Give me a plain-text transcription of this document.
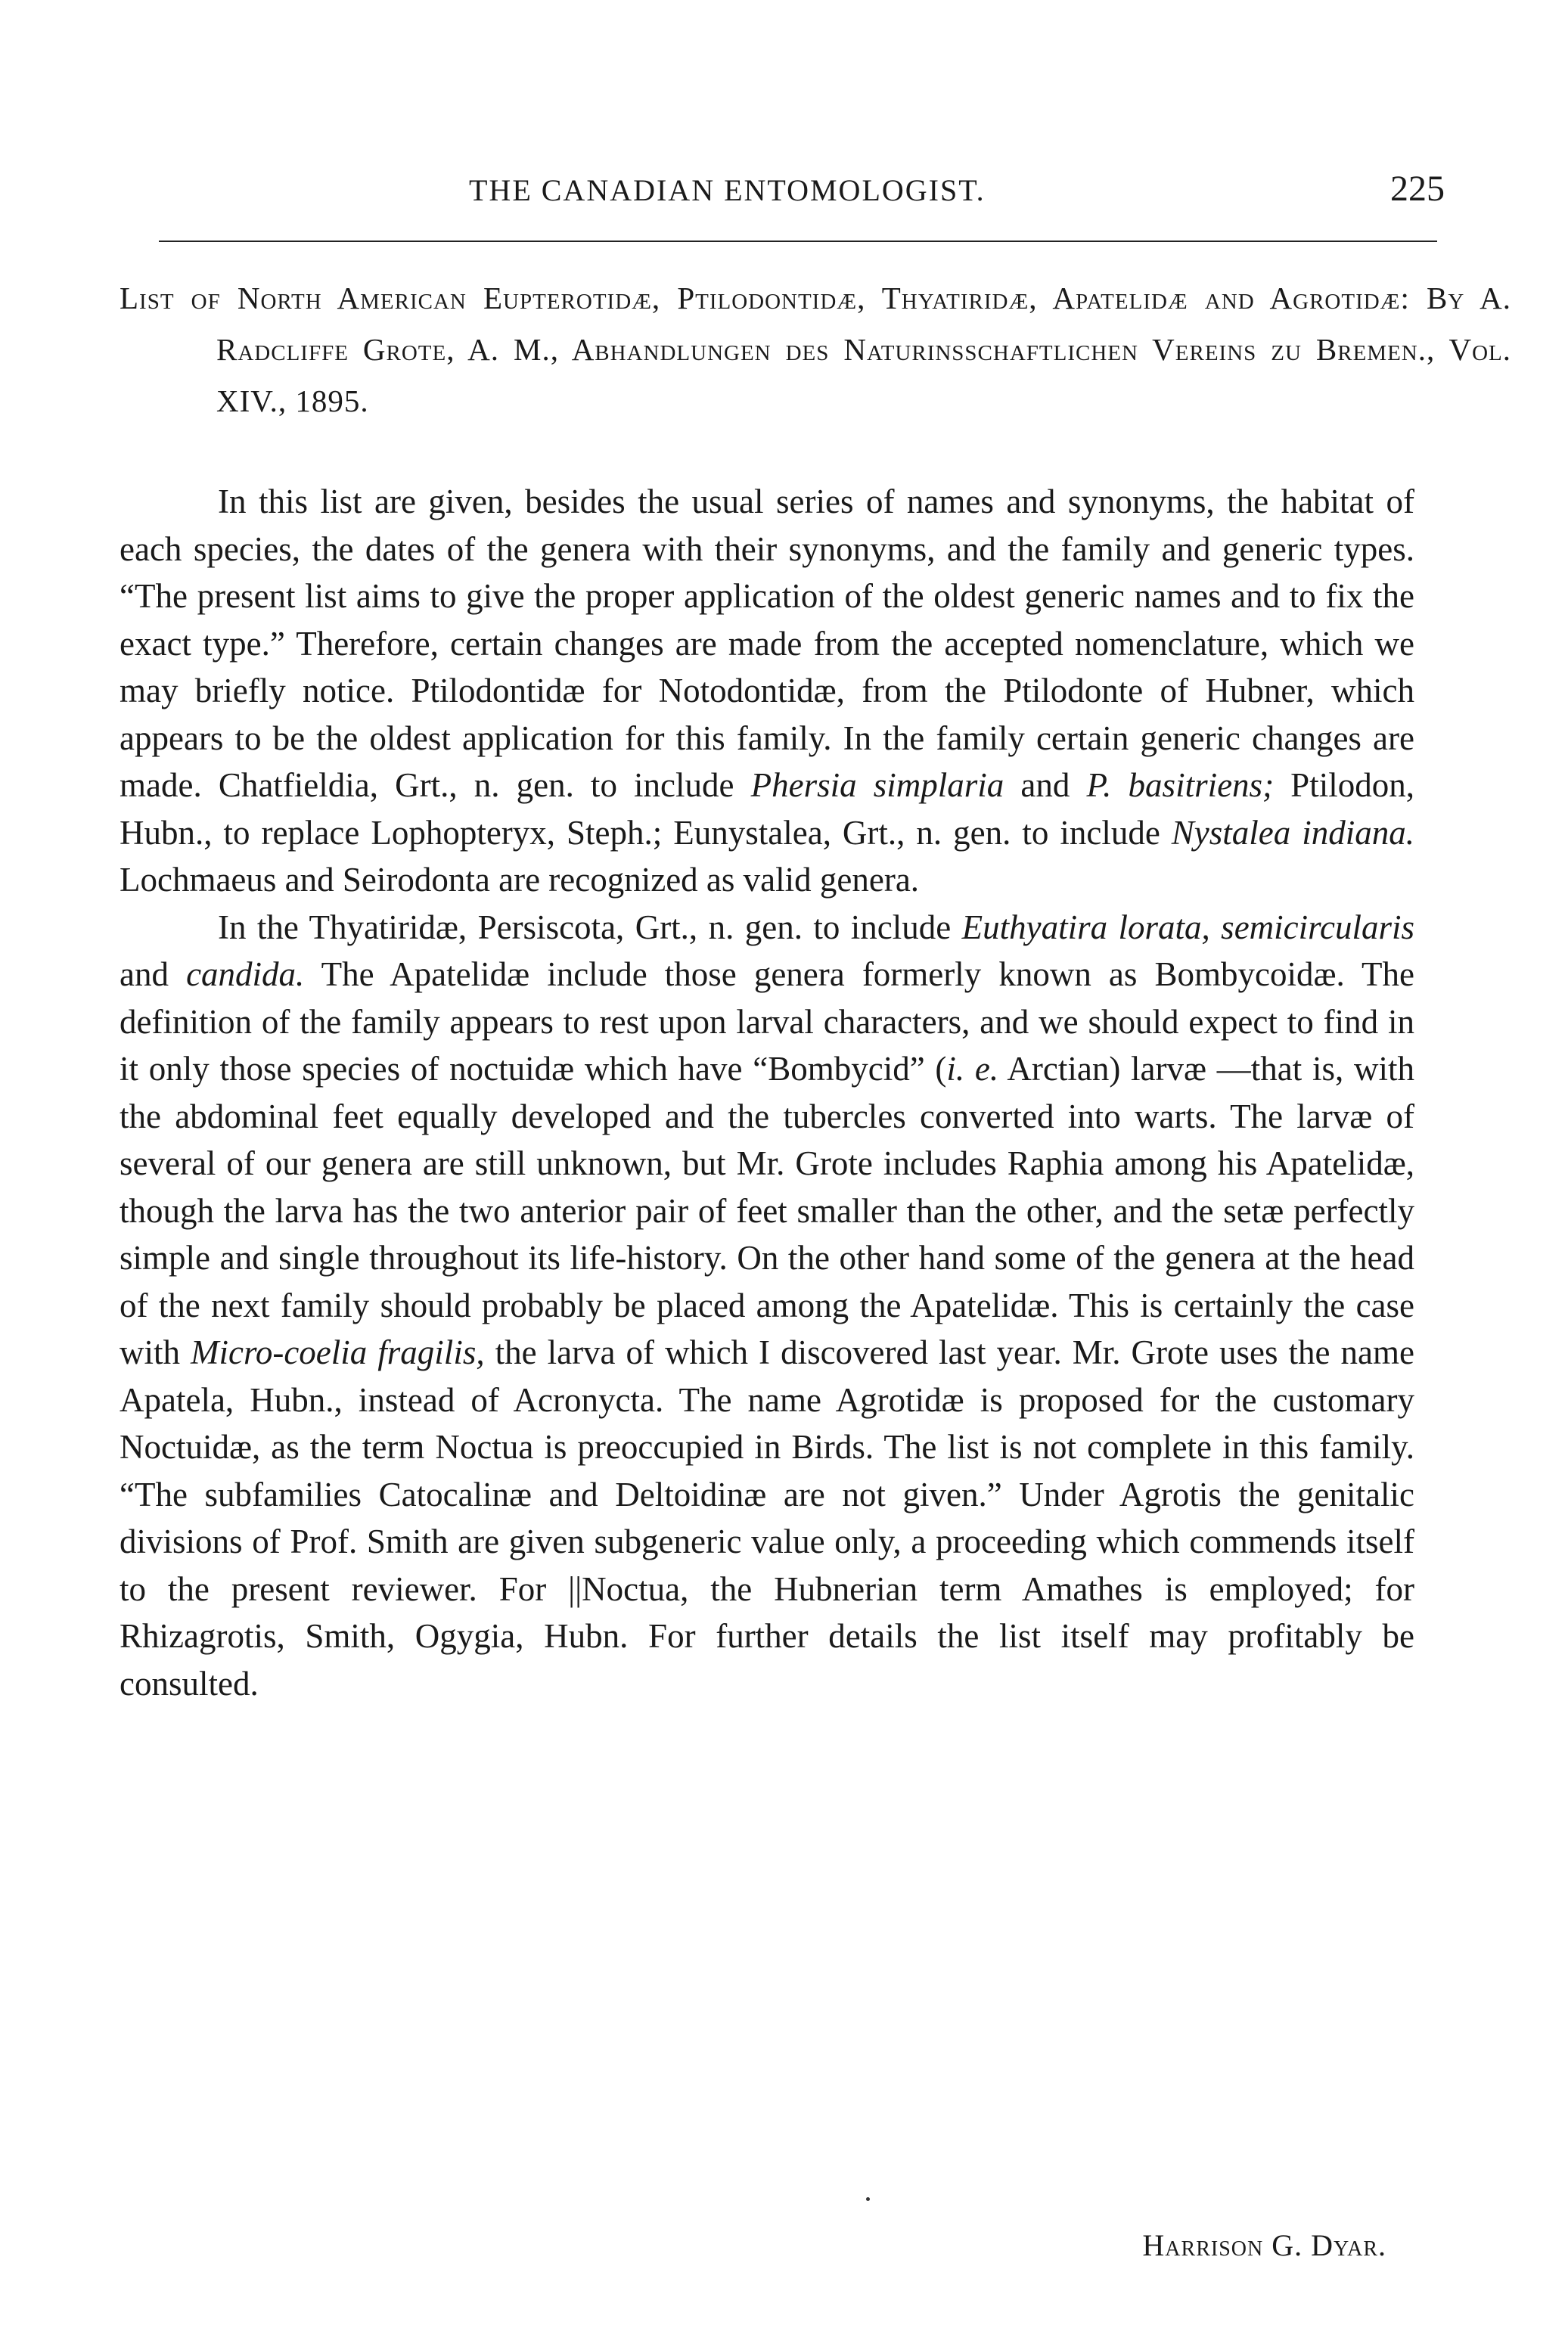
THE CANADIAN ENTOMOLOGIST.	225
List of North American Eupterotidæ, Ptilodontidæ, Thyatiridæ, Apatelidæ and Agrotidæ: By A. Radcliffe Grote, A. M., Abhandlungen des Naturinsschaftlichen Vereins zu Bremen., Vol. XIV., 1895.

In this list are given, besides the usual series of names and synonyms, the habitat of each species, the dates of the genera with their synonyms, and the family and generic types. “The present list aims to give the proper application of the oldest generic names and to fix the exact type.” Therefore, certain changes are made from the accepted nomenclature, which we may briefly notice. Ptilodontidæ for Notodontidæ, from the Ptilodonte of Hubner, which appears to be the oldest application for this family. In the family certain generic changes are made. Chatfieldia, Grt., n. gen. to include Phersia simplaria and P. basitriens; Ptilodon, Hubn., to replace Lophopteryx, Steph.; Eunystalea, Grt., n. gen. to include Nystalea indiana. Lochmaeus and Seirodonta are recognized as valid genera.

In the Thyatiridæ, Persiscota, Grt., n. gen. to include Euthyatira lorata, semicircularis and candida. The Apatelidæ include those genera formerly known as Bombycoidæ. The definition of the family appears to rest upon larval characters, and we should expect to find in it only those species of noctuidæ which have “Bombycid” (i. e. Arctian) larvæ —that is, with the abdominal feet equally developed and the tubercles converted into warts. The larvæ of several of our genera are still unknown, but Mr. Grote includes Raphia among his Apatelidæ, though the larva has the two anterior pair of feet smaller than the other, and the setæ perfectly simple and single throughout its life-history. On the other hand some of the genera at the head of the next family should probably be placed among the Apatelidæ. This is certainly the case with Micro-coelia fragilis, the larva of which I discovered last year. Mr. Grote uses the name Apatela, Hubn., instead of Acronycta. The name Agrotidæ is proposed for the customary Noctuidæ, as the term Noctua is preoccupied in Birds. The list is not complete in this family. “The subfamilies Catocalinæ and Deltoidinæ are not given.” Under Agrotis the genitalic divisions of Prof. Smith are given subgeneric value only, a proceeding which commends itself to the present reviewer. For ||Noctua, the Hubnerian term Amathes is employed; for Rhizagrotis, Smith, Ogygia, Hubn. For further details the list itself may profitably be consulted.

Harrison G. Dyar.
